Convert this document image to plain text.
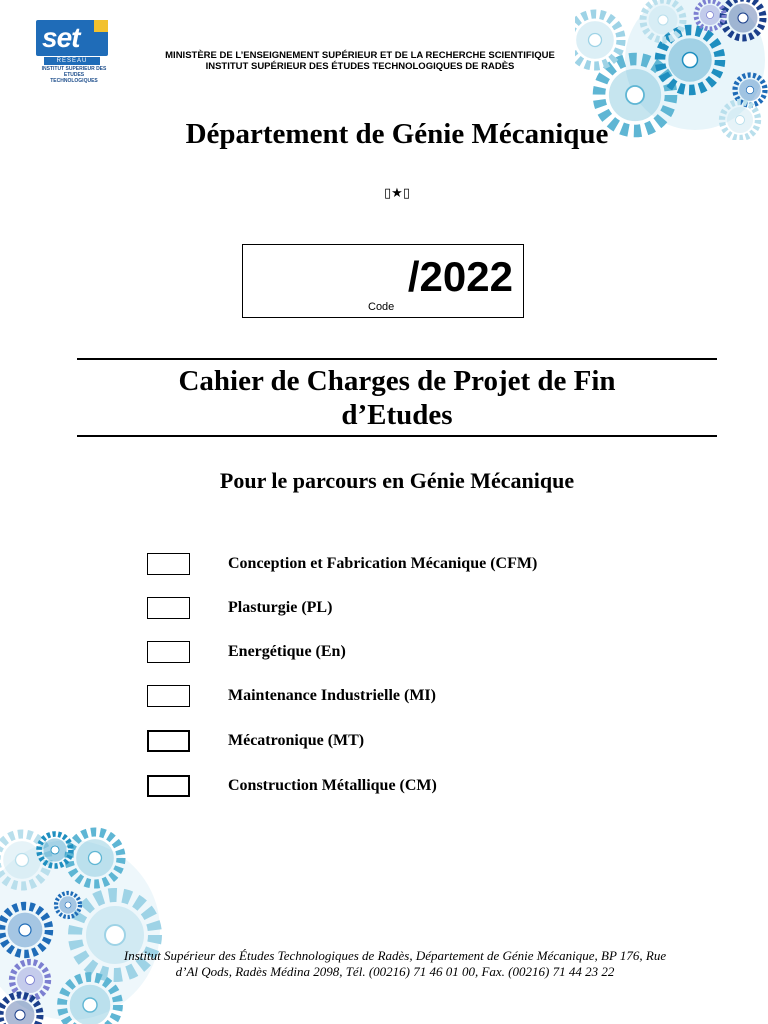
set
RESEAU
INSTITUT SUPERIEUR DES ETUDES TECHNOLOGIQUES
MINISTÈRE DE L’ENSEIGNEMENT SUPÉRIEUR ET DE LA RECHERCHE SCIENTIFIQUE
INSTITUT SUPÉRIEUR DES ÉTUDES TECHNOLOGIQUES DE RADÈS
Département de Génie Mécanique
▯★▯
/2022
Code
Cahier de Charges de Projet de Fin
d’Etudes
Pour le parcours en Génie Mécanique
Conception et Fabrication Mécanique (CFM)
Plasturgie (PL)
Energétique (En)
Maintenance Industrielle (MI)
Mécatronique (MT)
Construction Métallique (CM)
Institut Supérieur des Études Technologiques de Radès, Département de Génie Mécanique, BP 176, Rue
d’Al Qods, Radès Médina 2098, Tél. (00216) 71 46 01 00, Fax. (00216) 71 44 23 22
